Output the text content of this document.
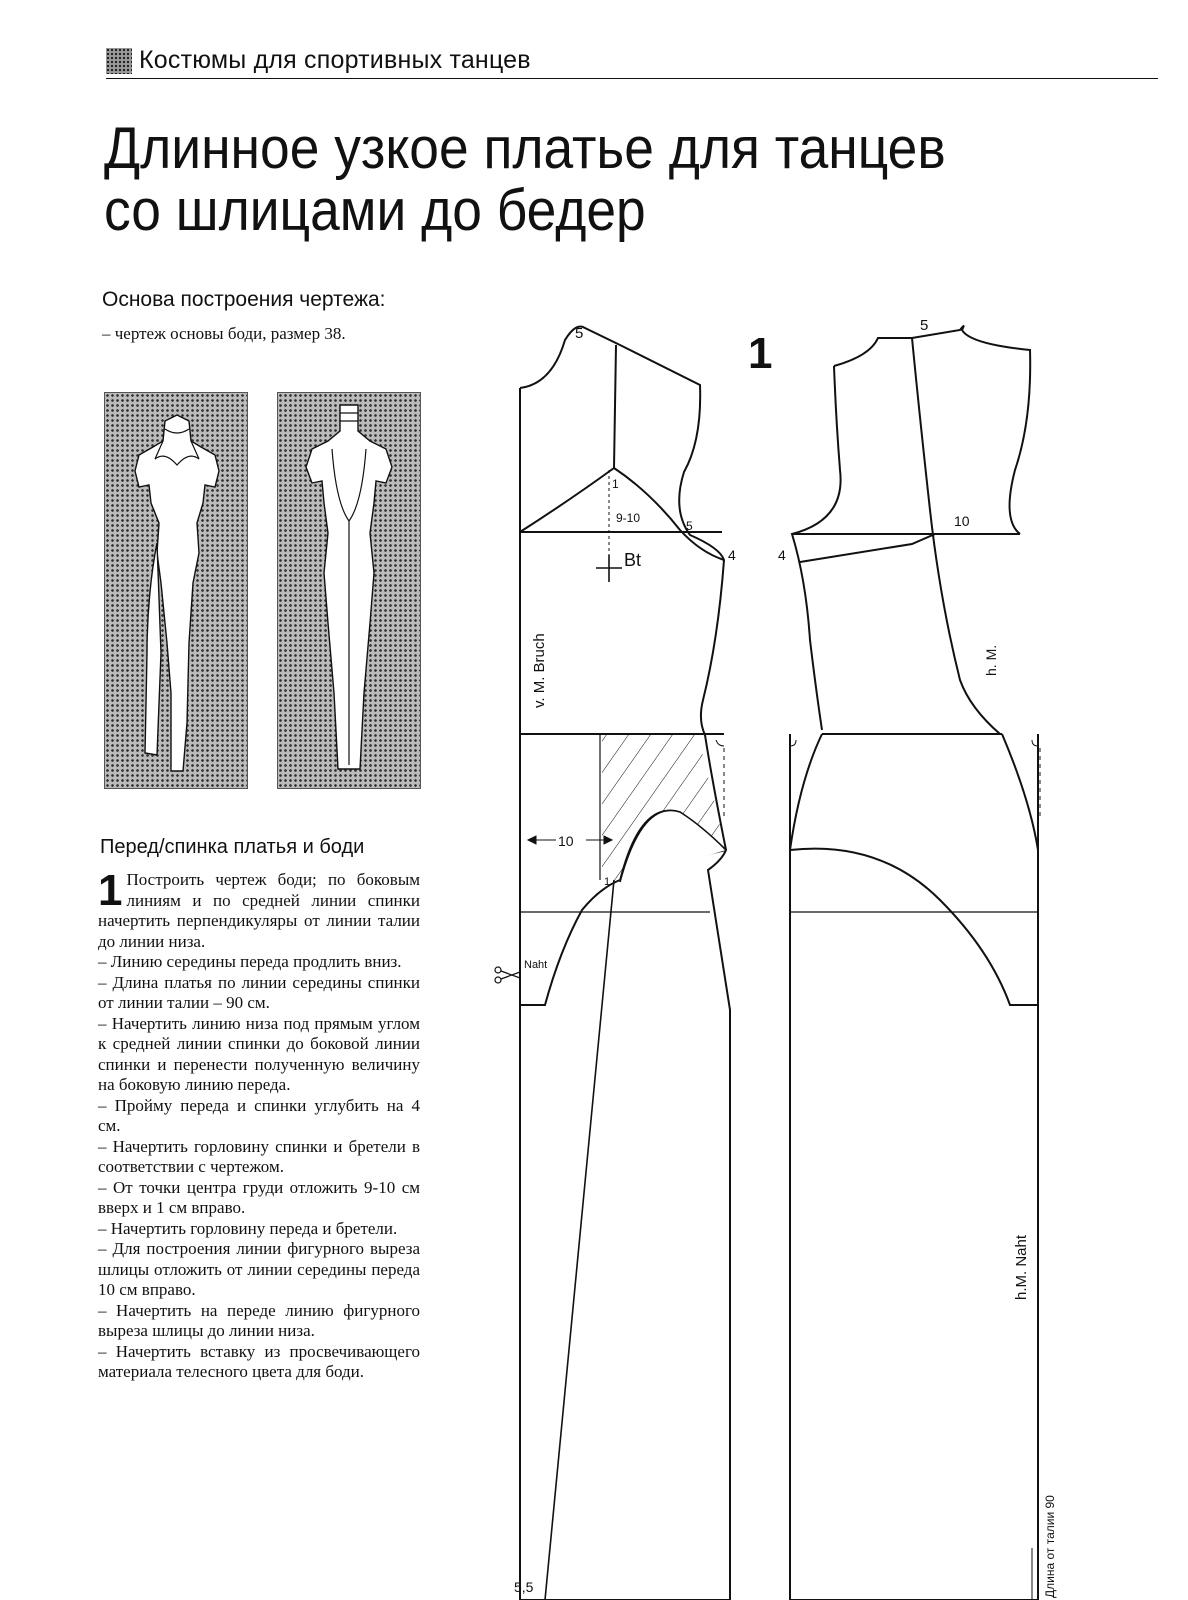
Костюмы для спортивных танцев
Длинное узкое платье для танцев
со шлицами до бедер
Основа построения чертежа:
– чертеж основы боди, размер 38.
Перед/спинка платья и боди
1 Построить чертеж боди; по боковым линиям и по средней линии спинки начертить перпендикуляры от линии талии до линии низа.

– Линию середины переда продлить вниз.

– Длина платья по линии середины спинки от линии талии – 90 см.

– Начертить линию низа под прямым углом к средней линии спинки до боковой линии спинки и перенести полученную величину на боковую линию переда.

– Пройму переда и спинки углубить на 4 см.

– Начертить горловину спинки и бретели в соответствии с чертежом.

– От точки центра груди отложить 9-10 см вверх и 1 см вправо.

– Начертить горловину переда и бретели.

– Для построения линии фигурного выреза шлицы отложить от линии середины переда 10 см вправо.

– Начертить на переде линию фигурного выреза шлицы до линии низа.

– Начертить вставку из просвечивающего материала телесного цвета для боди.

1
5	5
1
9-10
5
Bt	4	4
10
v. M. Bruch	h. M.
10
1
Naht
h.M. Naht
5,5	Длина от талии 90
